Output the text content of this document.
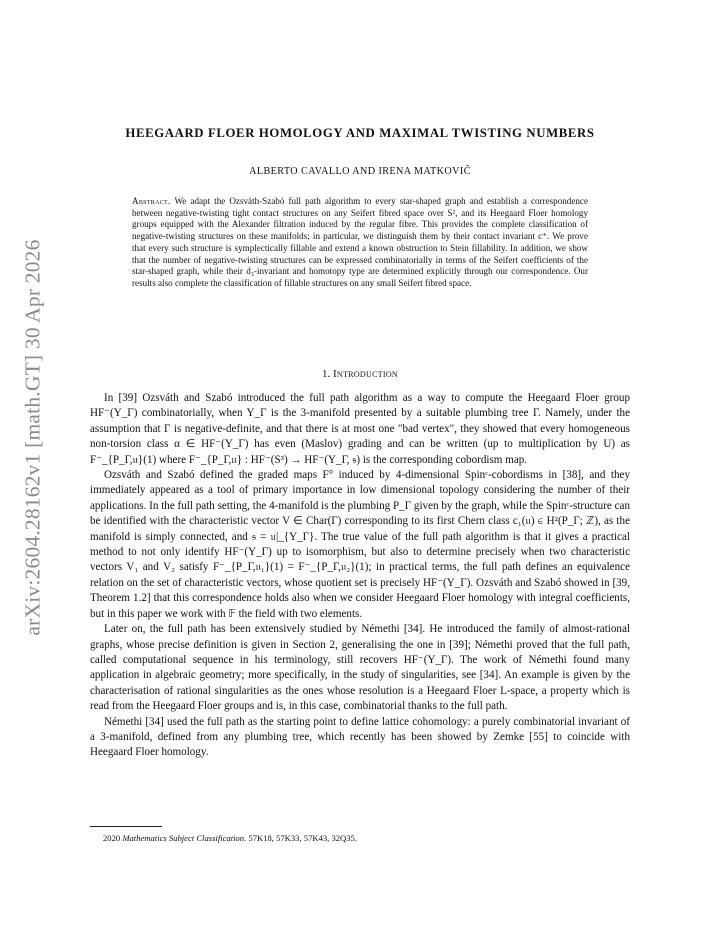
arXiv:2604.28162v1 [math.GT] 30 Apr 2026
HEEGAARD FLOER HOMOLOGY AND MAXIMAL TWISTING NUMBERS
ALBERTO CAVALLO AND IRENA MATKOVIČ
Abstract. We adapt the Ozsváth-Szabó full path algorithm to every star-shaped graph and establish a correspondence between negative-twisting tight contact structures on any Seifert fibred space over S², and its Heegaard Floer homology groups equipped with the Alexander filtration induced by the regular fibre. This provides the complete classification of negative-twisting structures on these manifolds; in particular, we distinguish them by their contact invariant c⁺. We prove that every such structure is symplectically fillable and extend a known obstruction to Stein fillability. In addition, we show that the number of negative-twisting structures can be expressed combinatorially in terms of the Seifert coefficients of the star-shaped graph, while their d₃-invariant and homotopy type are determined explicitly through our correspondence. Our results also complete the classification of fillable structures on any small Seifert fibred space.
1. Introduction

In [39] Ozsváth and Szabó introduced the full path algorithm as a way to compute the Heegaard Floer group HF⁻(Y_Γ) combinatorially, when Y_Γ is the 3-manifold presented by a suitable plumbing tree Γ. Namely, under the assumption that Γ is negative-definite, and that there is at most one "bad vertex", they showed that every homogeneous non-torsion class α ∈ HF⁻(Y_Γ) has even (Maslov) grading and can be written (up to multiplication by U) as F⁻_{P_Γ,𝔲}(1) where F⁻_{P_Γ,𝔲} : HF⁻(S³) → HF⁻(Y_Γ, 𝔰) is the corresponding cobordism map.

Ozsváth and Szabó defined the graded maps F° induced by 4-dimensional Spinᶜ-cobordisms in [38], and they immediately appeared as a tool of primary importance in low dimensional topology considering the number of their applications. In the full path setting, the 4-manifold is the plumbing P_Γ given by the graph, while the Spinᶜ-structure can be identified with the characteristic vector V ∈ Char(Γ) corresponding to its first Chern class c₁(𝔲) ∈ H²(P_Γ; ℤ), as the manifold is simply connected, and 𝔰 = 𝔲|_{Y_Γ}. The true value of the full path algorithm is that it gives a practical method to not only identify HF⁻(Y_Γ) up to isomorphism, but also to determine precisely when two characteristic vectors V₁ and V₂ satisfy F⁻_{P_Γ,𝔲₁}(1) = F⁻_{P_Γ,𝔲₂}(1); in practical terms, the full path defines an equivalence relation on the set of characteristic vectors, whose quotient set is precisely HF⁻(Y_Γ). Ozsváth and Szabó showed in [39, Theorem 1.2] that this correspondence holds also when we consider Heegaard Floer homology with integral coefficients, but in this paper we work with 𝔽 the field with two elements.

Later on, the full path has been extensively studied by Némethi [34]. He introduced the family of almost-rational graphs, whose precise definition is given in Section 2, generalising the one in [39]; Némethi proved that the full path, called computational sequence in his terminology, still recovers HF⁻(Y_Γ). The work of Némethi found many application in algebraic geometry; more specifically, in the study of singularities, see [34]. An example is given by the characterisation of rational singularities as the ones whose resolution is a Heegaard Floer L-space, a property which is read from the Heegaard Floer groups and is, in this case, combinatorial thanks to the full path.

Némethi [34] used the full path as the starting point to define lattice cohomology: a purely combinatorial invariant of a 3-manifold, defined from any plumbing tree, which recently has been showed by Zemke [55] to coincide with Heegaard Floer homology.

2020 Mathematics Subject Classification. 57K18, 57K33, 57K43, 32Q35.
